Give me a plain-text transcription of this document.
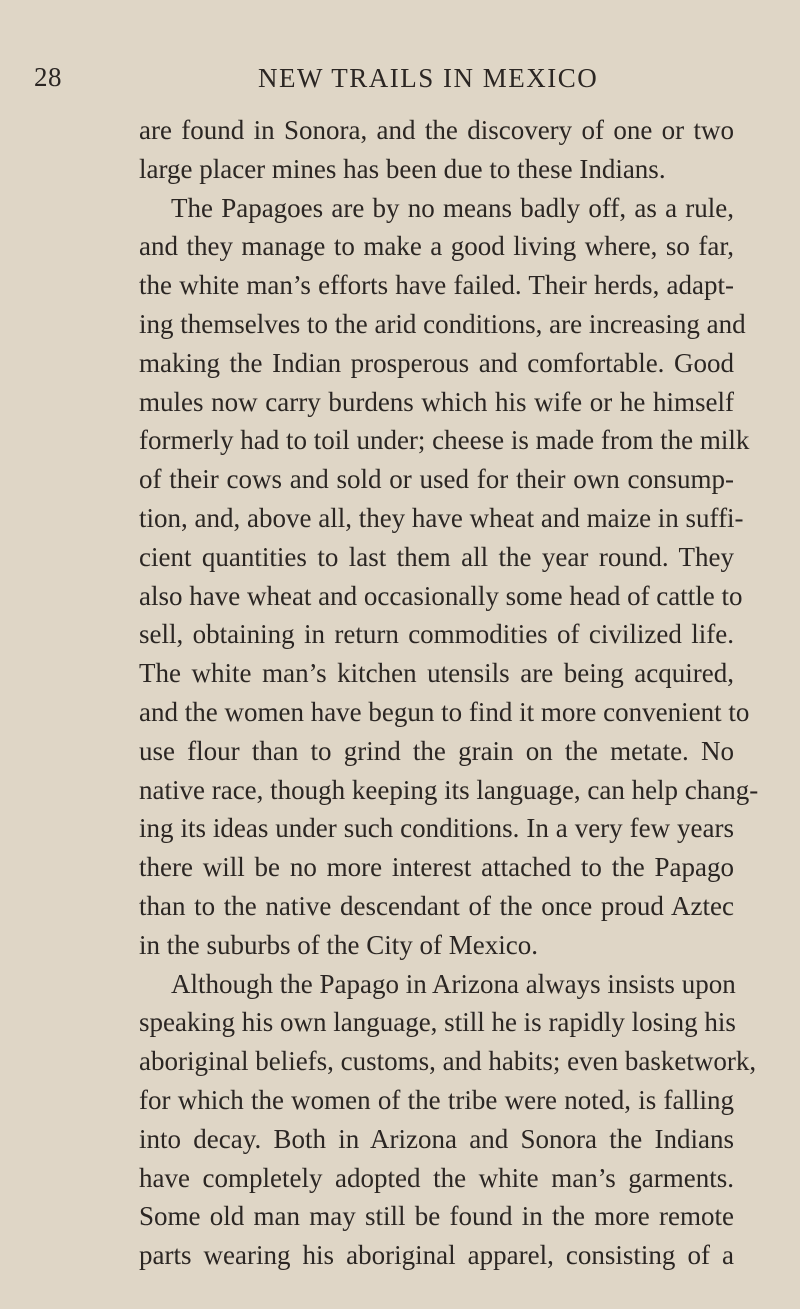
28	NEW TRAILS IN MEXICO
are found in Sonora, and the discovery of one or two
large placer mines has been due to these Indians.
The Papagoes are by no means badly off, as a rule,
and they manage to make a good living where, so far,
the white man’s efforts have failed. Their herds, adapt-
ing themselves to the arid conditions, are increasing and
making the Indian prosperous and comfortable. Good
mules now carry burdens which his wife or he himself
formerly had to toil under; cheese is made from the milk
of their cows and sold or used for their own consump-
tion, and, above all, they have wheat and maize in suffi-
cient quantities to last them all the year round. They
also have wheat and occasionally some head of cattle to
sell, obtaining in return commodities of civilized life.
The white man’s kitchen utensils are being acquired,
and the women have begun to find it more convenient to
use flour than to grind the grain on the metate. No
native race, though keeping its language, can help chang-
ing its ideas under such conditions. In a very few years
there will be no more interest attached to the Papago
than to the native descendant of the once proud Aztec
in the suburbs of the City of Mexico.
Although the Papago in Arizona always insists upon
speaking his own language, still he is rapidly losing his
aboriginal beliefs, customs, and habits; even basketwork,
for which the women of the tribe were noted, is falling
into decay. Both in Arizona and Sonora the Indians
have completely adopted the white man’s garments.
Some old man may still be found in the more remote
parts wearing his aboriginal apparel, consisting of a
